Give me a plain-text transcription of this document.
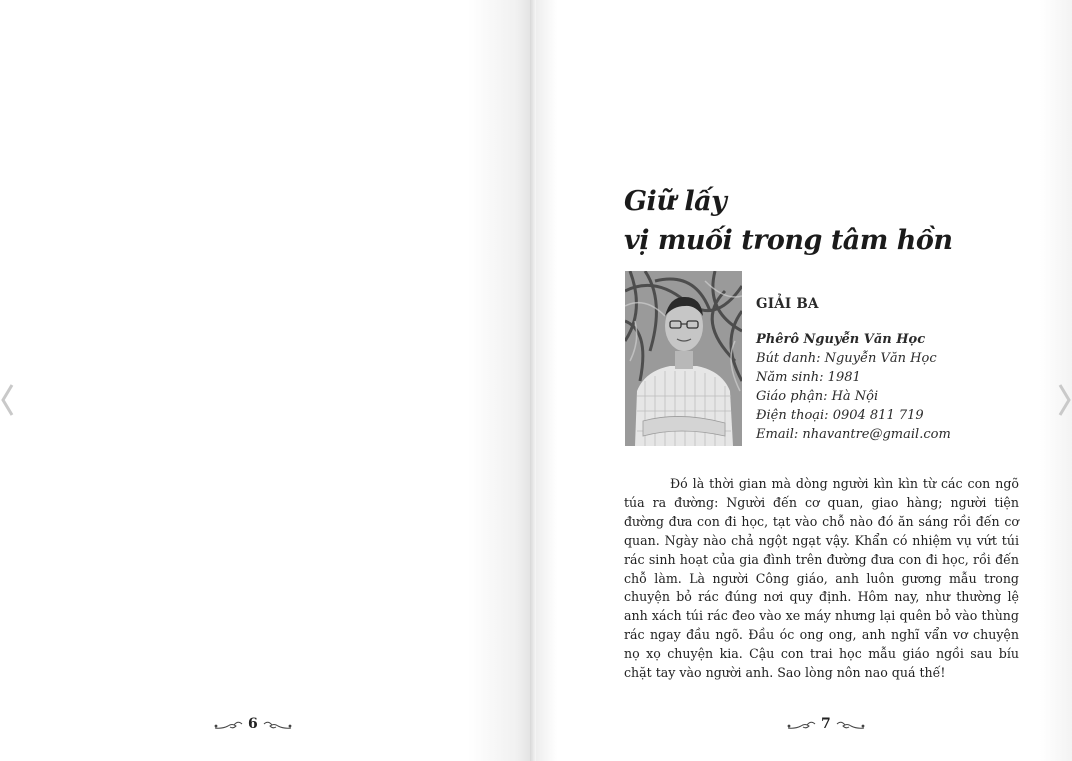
6	7
Giữ lấy
vị muối trong tâm hồn
GIẢI BA
Phêrô Nguyễn Văn Học
Bút danh: Nguyễn Văn Học
Năm sinh: 1981
Giáo phận: Hà Nội
Điện thoại: 0904 811 719
Email: nhavantre@gmail.com
Đó là thời gian mà dòng người kìn kìn từ các con ngõ túa ra đường: Người đến cơ quan, giao hàng; người tiện đường đưa con đi học, tạt vào chỗ nào đó ăn sáng rồi đến cơ quan. Ngày nào chả ngột ngạt vậy. Khẩn có nhiệm vụ vứt túi rác sinh hoạt của gia đình trên đường đưa con đi học, rồi đến chỗ làm. Là người Công giáo, anh luôn gương mẫu trong chuyện bỏ rác đúng nơi quy định. Hôm nay, như thường lệ anh xách túi rác đeo vào xe máy nhưng lại quên bỏ vào thùng rác ngay đầu ngõ. Đầu óc ong ong, anh nghĩ vẩn vơ chuyện nọ xọ chuyện kia. Cậu con trai học mẫu giáo ngồi sau bíu chặt tay vào người anh. Sao lòng nôn nao quá thế!
